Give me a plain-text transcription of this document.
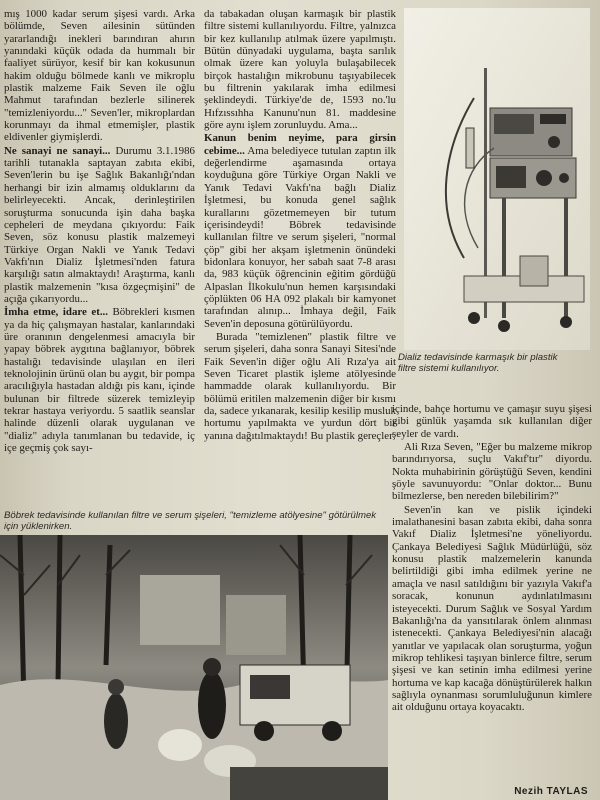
mış 1000 kadar serum şişesi vardı. Arka bölümde, Seven ailesinin sütünden yararlandığı inekleri barındıran ahırın yanındaki küçük odada da hummalı bir faaliyet sürüyor, kesif bir kan kokusunun hakim olduğu bölmede kanlı ve mikroplu plastik malzeme Faik Seven ile oğlu Mahmut tarafından bezlerle silinerek "temizleniyordu..." Seven'ler, mikroplardan korunmayı da ihmal etmemişler, plastik eldivenler giymişlerdi.

Ne sanayi ne sanayi... Durumu 3.1.1986 tarihli tutanakla saptayan zabıta ekibi, Seven'lerin bu işe Sağlık Bakanlığı'ndan herhangi bir izin almamış olduklarını da belirleyecekti. Ancak, derinleştirilen soruşturma sonucunda işin daha başka cepheleri de meydana çıkıyordu: Faik Seven, söz konusu plastik malzemeyi Türkiye Organ Nakli ve Yanık Tedavi Vakfı'nın Dializ İşletmesi'nden fatura karşılığı satın almaktaydı! Araştırma, kanlı plastik malzemenin "kısa özgeçmişini" de açığa çıkarıyordu...

İmha etme, idare et... Böbrekleri kısmen ya da hiç çalışmayan hastalar, kanlarındaki üre oranının dengelenmesi amacıyla bir yapay böbrek aygıtına bağlanıyor, böbrek hastalığı tedavisinde ulaşılan en ileri teknolojinin ürünü olan bu aygıt, bir pompa aracılığıyla hastadan aldığı pis kanı, içinde bulunan bir filtrede süzerek temizleyip tekrar hastaya veriyordu. 5 saatlik seanslar halinde düzenli olarak uygulanan ve "dializ" adıyla tanımlanan bu tedavide, iç içe geçmiş çok sayı-

da tabakadan oluşan karmaşık bir plastik filtre sistemi kullanılıyordu. Filtre, yalnızca bir kez kullanılıp atılmak üzere yapılmıştı. Bütün dünyadaki uygulama, başta sarılık olmak üzere kan yoluyla bulaşabilecek birçok hastalığın mikrobunu taşıyabilecek bu filtrenin yakılarak imha edilmesi şeklindeydi. Türkiye'de de, 1593 no.'lu Hıfzıssıhha Kanunu'nun 81. maddesine göre aynı işlem zorunluydu. Ama...

Kanun benim neyime, para girsin cebime... Ama belediyece tutulan zaptın ilk değerlendirme aşamasında ortaya koyduğuna göre Türkiye Organ Nakli ve Yanık Tedavi Vakfı'na bağlı Dializ İşletmesi, bu konuda genel sağlık kurallarını gözetmemeyen bir tutum içerisindeydi! Böbrek tedavisinde kullanılan filtre ve serum şişeleri, "normal çöp" gibi her akşam işletmenin önündeki bidonlara konuyor, her sabah saat 7-8 arası da, 983 küçük öğrencinin eğitim gördüğü Alpaslan İlkokulu'nun hemen karşısındaki çöplükten 06 HA 092 plakalı bir kamyonet tarafından alınıp... İmhaya değil, Faik Seven'in deposuna götürülüyordu.

Burada "temizlenen" plastik filtre ve serum şişeleri, daha sonra Sanayi Sitesi'nde Faik Seven'in diğer oğlu Ali Rıza'ya ait Seven Ticaret plastik işleme atölyesinde hammadde olarak kullanılıyordu. Bir bölümü eritilen malzemenin diğer bir kısmı da, sadece yıkanarak, kesilip kesilip musluk hortumu yapılmakta ve yurdun dört bir yanına dağıtılmaktaydı! Bu plastik gereçler

Dializ tedavisinde karmaşık bir plastik filtre sistemi kullanılıyor.

içinde, bahçe hortumu ve çamaşır suyu şişesi gibi günlük yaşamda sık kullanılan diğer şeyler de vardı.

Ali Rıza Seven, "Eğer bu malzeme mikrop barındırıyorsa, suçlu Vakıf'tır" diyordu. Nokta muhabirinin görüştüğü Seven, kendini şöyle savunuyordu: "Onlar doktor... Bunu bilmezlerse, ben nereden bilebilirim?"

Seven'in kan ve pislik içindeki imalathanesini basan zabıta ekibi, daha sonra Vakıf Dializ İşletmesi'ne yöneliyordu. Çankaya Belediyesi Sağlık Müdürlüğü, söz konusu plastik malzemelerin kanunda belirtildiği gibi imha edilmek yerine ne amaçla ve nasıl satıldığını bir yazıyla Vakıf'a soracak, konunun aydınlatılmasını isteyecekti. Durum Sağlık ve Sosyal Yardım Bakanlığı'na da yansıtılarak önlem alınması istenecekti. Çankaya Belediyesi'nin alacağı yanıtlar ve yapılacak olan soruşturma, yoğun mikrop tehlikesi taşıyan binlerce filtre, serum şişesi ve kan setinin imha edilmesi yerine hortuma ve kap kacağa dönüştürülerek halkın sağlıyla oynanması sorumluluğunun kimlere ait olduğunu ortaya koyacaktı.

Böbrek tedavisinde kullanılan filtre ve serum şişeleri, "temizleme atölyesine" götürülmek için yüklenirken.
Nezih TAYLAS
